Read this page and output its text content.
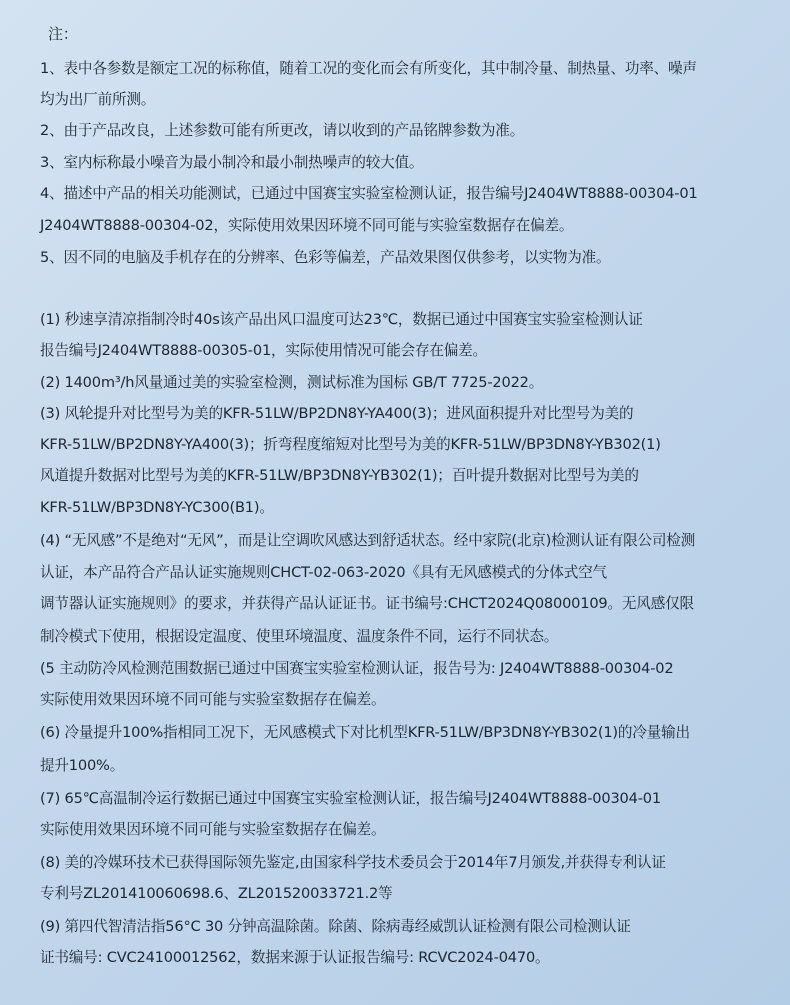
注：
1、表中各参数是额定工况的标称值，随着工况的变化而会有所变化，其中制冷量、制热量、功率、噪声
均为出厂前所测。
2、由于产品改良，上述参数可能有所更改，请以收到的产品铭牌参数为准。
3、室内标称最小噪音为最小制冷和最小制热噪声的较大值。
4、描述中产品的相关功能测试，已通过中国赛宝实验室检测认证，报告编号J2404WT8888-00304-01
J2404WT8888-00304-02，实际使用效果因环境不同可能与实验室数据存在偏差。
5、因不同的电脑及手机存在的分辨率、色彩等偏差，产品效果图仅供参考，以实物为准。
(1) 秒速享清凉指制冷时40s该产品出风口温度可达23℃，数据已通过中国赛宝实验室检测认证
报告编号J2404WT8888-00305-01，实际使用情况可能会存在偏差。
(2) 1400m³/h风量通过美的实验室检测，测试标准为国标 GB/T 7725-2022。
(3) 风轮提升对比型号为美的KFR-51LW/BP2DN8Y-YA400(3)；进风面积提升对比型号为美的
KFR-51LW/BP2DN8Y-YA400(3)；折弯程度缩短对比型号为美的KFR-51LW/BP3DN8Y-YB302(1)
风道提升数据对比型号为美的KFR-51LW/BP3DN8Y-YB302(1)；百叶提升数据对比型号为美的
KFR-51LW/BP3DN8Y-YC300(B1)。
(4) “无风感”不是绝对“无风”，而是让空调吹风感达到舒适状态。经中家院(北京)检测认证有限公司检测
认证，本产品符合产品认证实施规则CHCT-02-063-2020《具有无风感模式的分体式空气
调节器认证实施规则》的要求，并获得产品认证证书。证书编号:CHCT2024Q08000109。无风感仅限
制冷模式下使用，根据设定温度、使里环境温度、温度条件不同，运行不同状态。
(5 主动防冷风检测范围数据已通过中国赛宝实验室检测认证，报告号为: J2404WT8888-00304-02
实际使用效果因环境不同可能与实验室数据存在偏差。
(6) 冷量提升100%指相同工况下，无风感模式下对比机型KFR-51LW/BP3DN8Y-YB302(1)的冷量输出
提升100%。
(7) 65℃高温制冷运行数据已通过中国赛宝实验室检测认证，报告编号J2404WT8888-00304-01
实际使用效果因环境不同可能与实验室数据存在偏差。
(8) 美的冷媒环技术已获得国际领先鉴定,由国家科学技术委员会于2014年7月颁发,并获得专利认证
专利号ZL201410060698.6、ZL201520033721.2等
(9) 第四代智清洁指56°C 30 分钟高温除菌。除菌、除病毒经威凯认证检测有限公司检测认证
证书编号: CVC24100012562，数据来源于认证报告编号: RCVC2024-0470。
